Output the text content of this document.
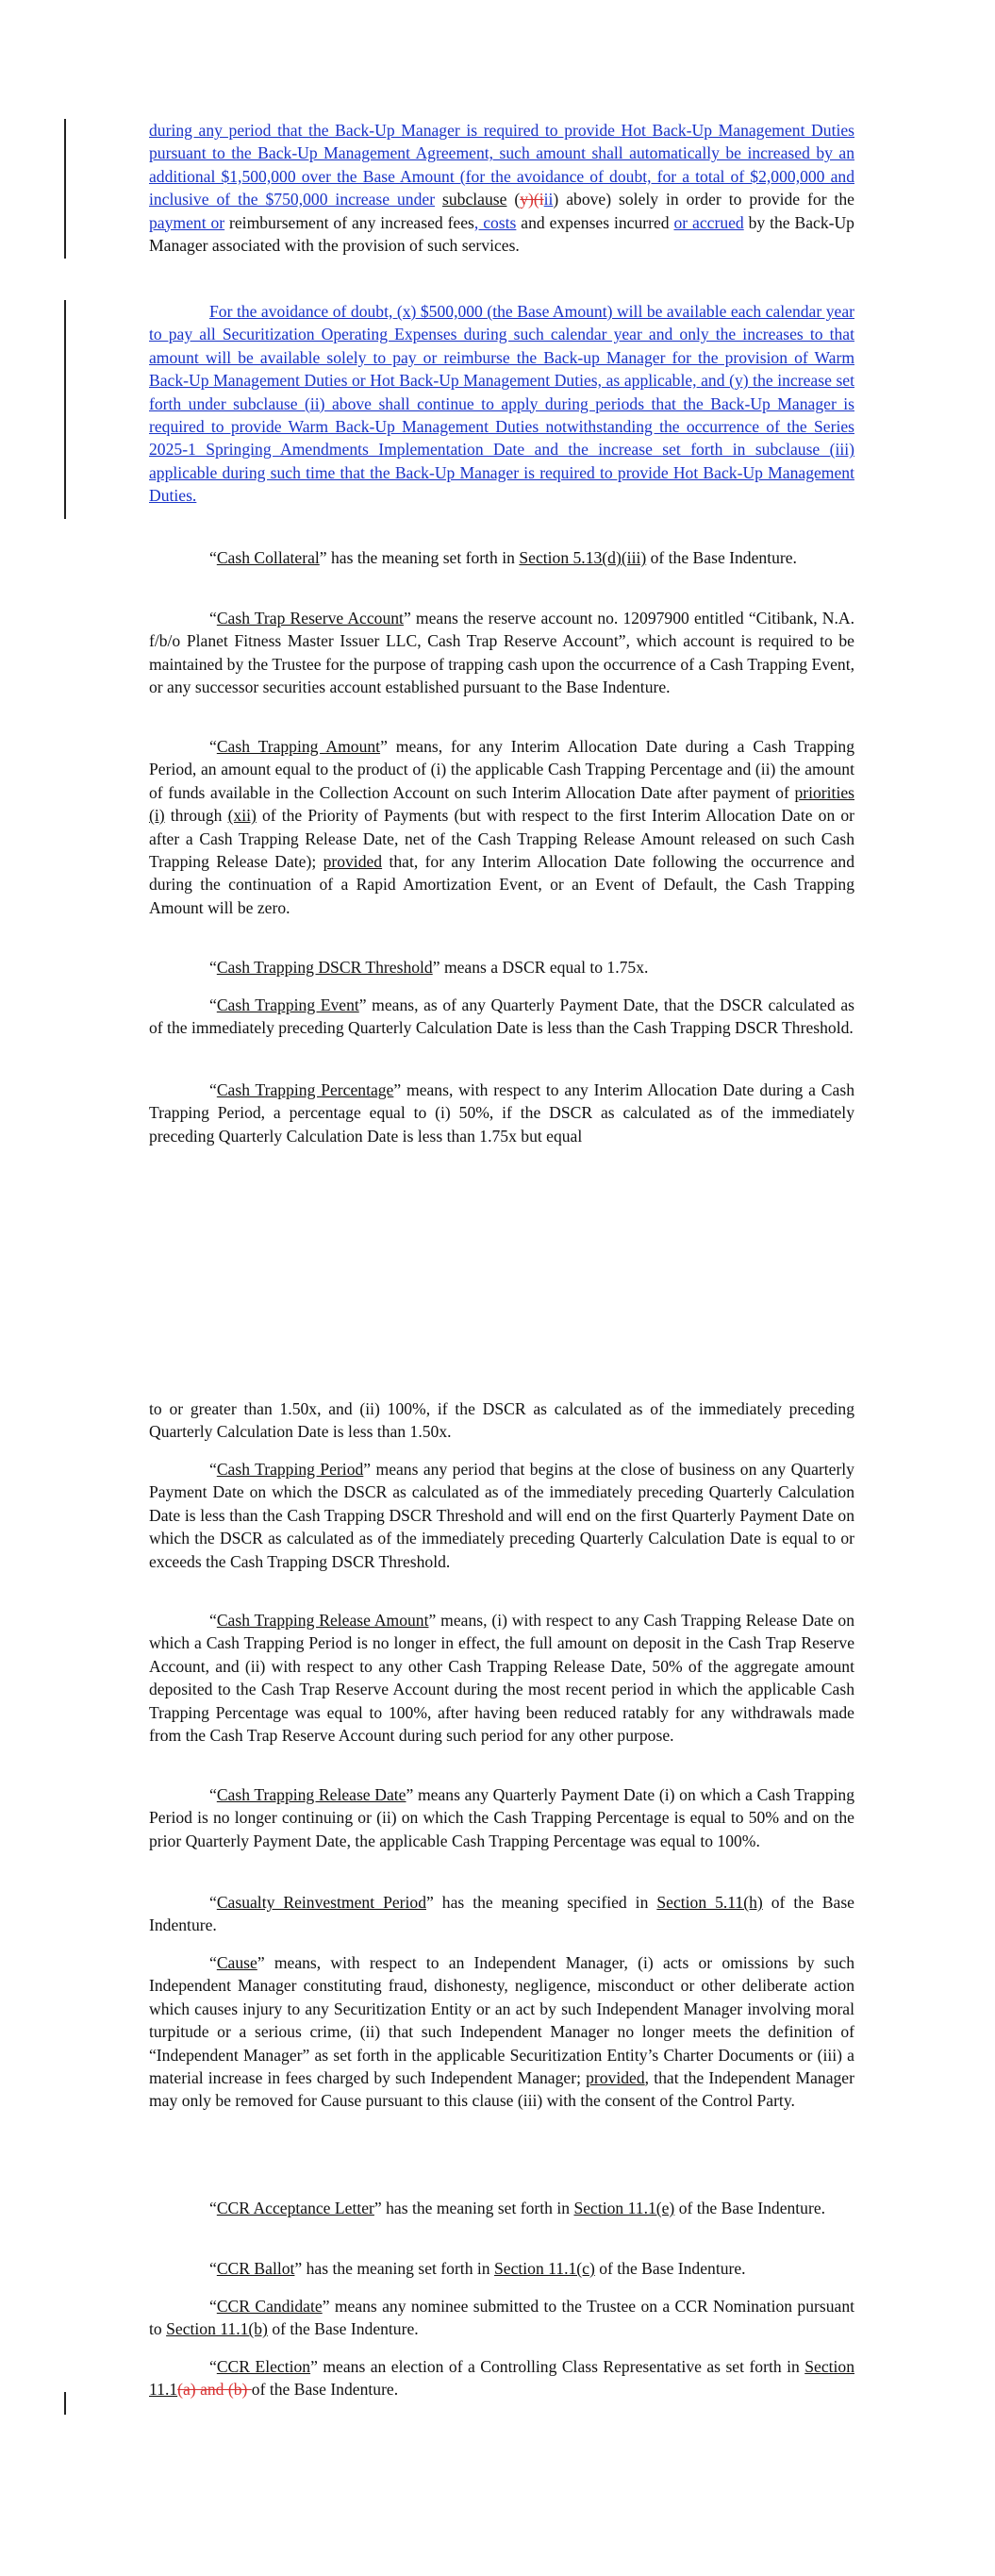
during any period that the Back-Up Manager is required to provide Hot Back-Up Management Duties pursuant to the Back-Up Management Agreement, such amount shall automatically be increased by an additional $1,500,000 over the Base Amount (for the avoidance of doubt, for a total of $2,000,000 and inclusive of the $750,000 increase under subclause (y)(iii) above) solely in order to provide for the payment or reimbursement of any increased fees, costs and expenses incurred or accrued by the Back-Up Manager associated with the provision of such services.

For the avoidance of doubt, (x) $500,000 (the Base Amount) will be available each calendar year to pay all Securitization Operating Expenses during such calendar year and only the increases to that amount will be available solely to pay or reimburse the Back-up Manager for the provision of Warm Back-Up Management Duties or Hot Back-Up Management Duties, as applicable, and (y) the increase set forth under subclause (ii) above shall continue to apply during periods that the Back-Up Manager is required to provide Warm Back-Up Management Duties notwithstanding the occurrence of the Series 2025-1 Springing Amendments Implementation Date and the increase set forth in subclause (iii) applicable during such time that the Back-Up Manager is required to provide Hot Back-Up Management Duties.

“Cash Collateral” has the meaning set forth in Section 5.13(d)(iii) of the Base Indenture.

“Cash Trap Reserve Account” means the reserve account no. 12097900 entitled “Citibank, N.A. f/b/o Planet Fitness Master Issuer LLC, Cash Trap Reserve Account”, which account is required to be maintained by the Trustee for the purpose of trapping cash upon the occurrence of a Cash Trapping Event, or any successor securities account established pursuant to the Base Indenture.

“Cash Trapping Amount” means, for any Interim Allocation Date during a Cash Trapping Period, an amount equal to the product of (i) the applicable Cash Trapping Percentage and (ii) the amount of funds available in the Collection Account on such Interim Allocation Date after payment of priorities (i) through (xii) of the Priority of Payments (but with respect to the first Interim Allocation Date on or after a Cash Trapping Release Date, net of the Cash Trapping Release Amount released on such Cash Trapping Release Date); provided that, for any Interim Allocation Date following the occurrence and during the continuation of a Rapid Amortization Event, or an Event of Default, the Cash Trapping Amount will be zero.

“Cash Trapping DSCR Threshold” means a DSCR equal to 1.75x.

“Cash Trapping Event” means, as of any Quarterly Payment Date, that the DSCR calculated as of the immediately preceding Quarterly Calculation Date is less than the Cash Trapping DSCR Threshold.

“Cash Trapping Percentage” means, with respect to any Interim Allocation Date during a Cash Trapping Period, a percentage equal to (i) 50%, if the DSCR as calculated as of the immediately preceding Quarterly Calculation Date is less than 1.75x but equal

to or greater than 1.50x, and (ii) 100%, if the DSCR as calculated as of the immediately preceding Quarterly Calculation Date is less than 1.50x.

“Cash Trapping Period” means any period that begins at the close of business on any Quarterly Payment Date on which the DSCR as calculated as of the immediately preceding Quarterly Calculation Date is less than the Cash Trapping DSCR Threshold and will end on the first Quarterly Payment Date on which the DSCR as calculated as of the immediately preceding Quarterly Calculation Date is equal to or exceeds the Cash Trapping DSCR Threshold.

“Cash Trapping Release Amount” means, (i) with respect to any Cash Trapping Release Date on which a Cash Trapping Period is no longer in effect, the full amount on deposit in the Cash Trap Reserve Account, and (ii) with respect to any other Cash Trapping Release Date, 50% of the aggregate amount deposited to the Cash Trap Reserve Account during the most recent period in which the applicable Cash Trapping Percentage was equal to 100%, after having been reduced ratably for any withdrawals made from the Cash Trap Reserve Account during such period for any other purpose.

“Cash Trapping Release Date” means any Quarterly Payment Date (i) on which a Cash Trapping Period is no longer continuing or (ii) on which the Cash Trapping Percentage is equal to 50% and on the prior Quarterly Payment Date, the applicable Cash Trapping Percentage was equal to 100%.

“Casualty Reinvestment Period” has the meaning specified in Section 5.11(h) of the Base Indenture.

“Cause” means, with respect to an Independent Manager, (i) acts or omissions by such Independent Manager constituting fraud, dishonesty, negligence, misconduct or other deliberate action which causes injury to any Securitization Entity or an act by such Independent Manager involving moral turpitude or a serious crime, (ii) that such Independent Manager no longer meets the definition of “Independent Manager” as set forth in the applicable Securitization Entity’s Charter Documents or (iii) a material increase in fees charged by such Independent Manager; provided, that the Independent Manager may only be removed for Cause pursuant to this clause (iii) with the consent of the Control Party.

“CCR Acceptance Letter” has the meaning set forth in Section 11.1(e) of the Base Indenture.

“CCR Ballot” has the meaning set forth in Section 11.1(c) of the Base Indenture.

“CCR Candidate” means any nominee submitted to the Trustee on a CCR Nomination pursuant to Section 11.1(b) of the Base Indenture.

“CCR Election” means an election of a Controlling Class Representative as set forth in Section 11.1(a) and (b) of the Base Indenture.
